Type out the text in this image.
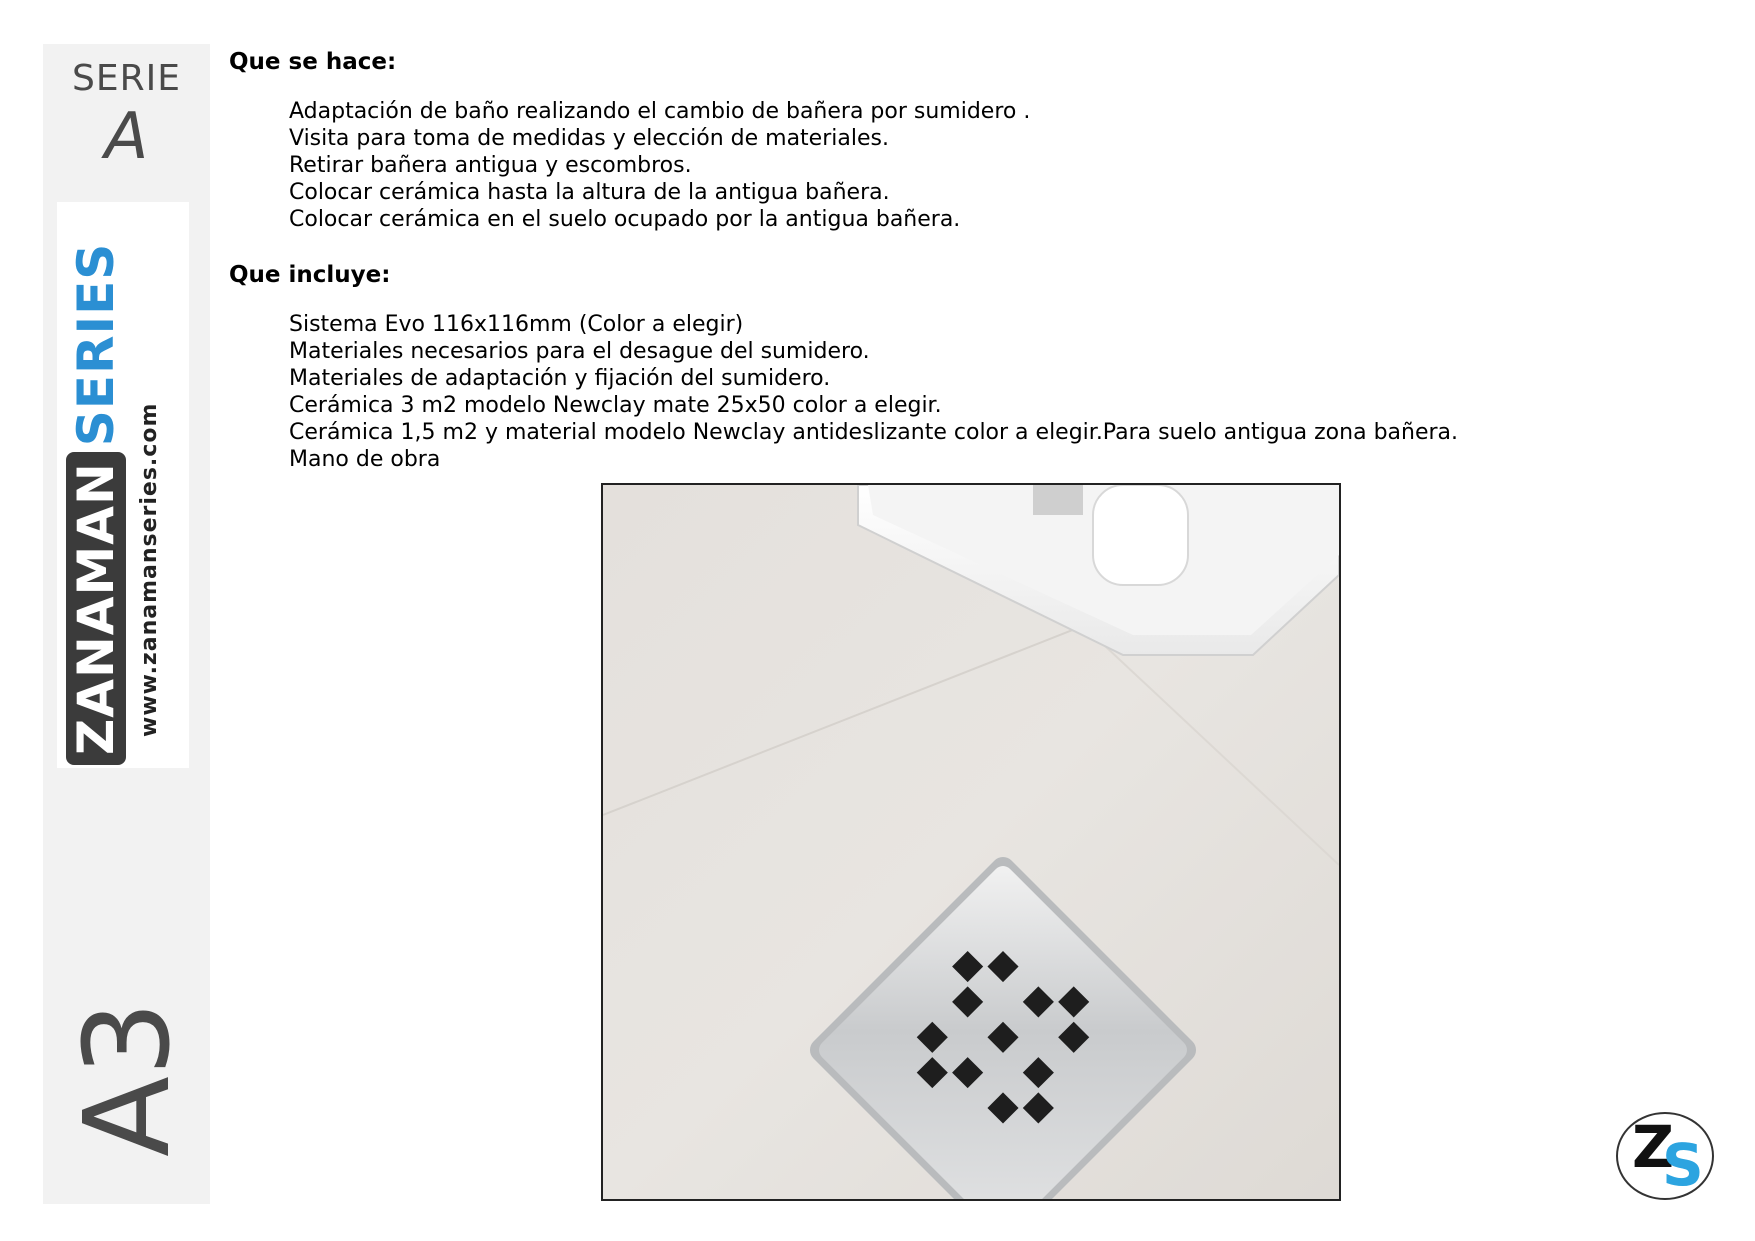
SERIE
A
ZANAMAN
SERIES
www.zanamanseries.com
A3
Que se hace:
Adaptación de baño realizando el cambio de bañera por sumidero .
Visita para toma de medidas y elección de materiales.
Retirar bañera antigua y escombros.
Colocar cerámica hasta la altura de la antigua bañera.
Colocar cerámica en el suelo ocupado por la antigua bañera.
Que incluye:
Sistema Evo 116x116mm (Color a elegir)
Materiales necesarios para el desague del sumidero.
Materiales de adaptación y fijación del sumidero.
Cerámica 3 m2 modelo Newclay mate 25x50 color a elegir.
Cerámica 1,5 m2 y material modelo Newclay antideslizante color a elegir.Para suelo antigua zona bañera.
Mano de obra
Z
S
